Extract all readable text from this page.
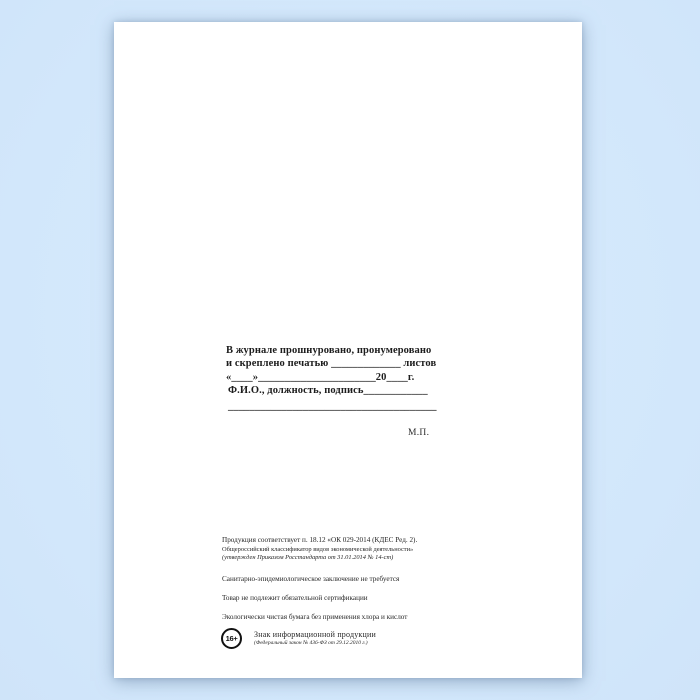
В журнале прошнуровано, пронумеровано
и скреплено печатью _____________ листов
«____»______________________20____г.
Ф.И.О., должность, подпись____________
_______________________________________
М.П.
Продукция соответствует п. 18.12 «ОК 029-2014 (КДЕС Ред. 2).
Общероссийский классификатор видов экономической деятельности»
(утвержден Приказом Росстандарта от 31.01.2014 № 14-ст)
Санитарно-эпидемиологическое заключение не требуется
Товар не подлежит обязательной сертификации
Экологически чистая бумага без применения хлора и кислот
16+ Знак информационной продукции
(Федеральный закон № 436-ФЗ от 29.12.2010 г.)
